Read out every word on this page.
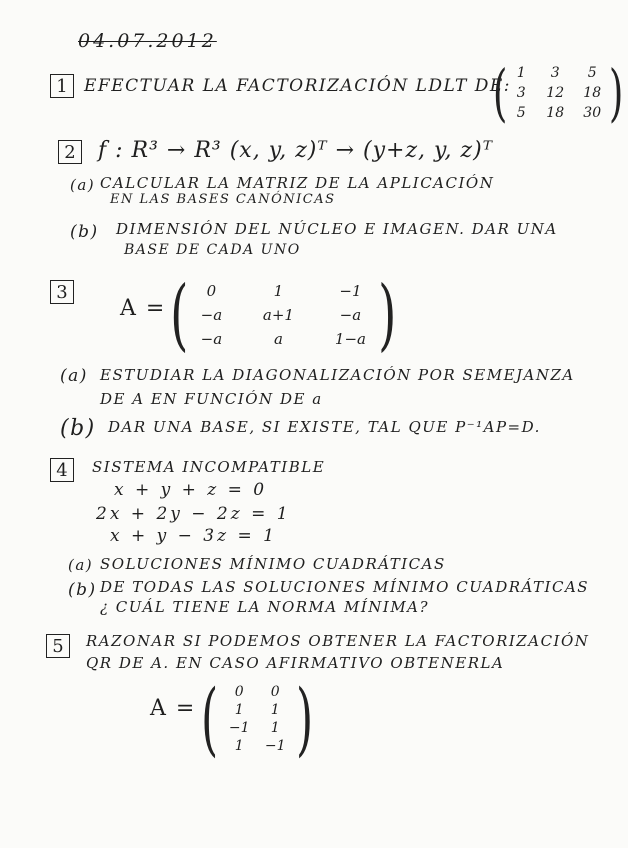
04.07.2012
1 EFECTUAR LA FACTORIZACIÓN LDLT DE:
( 1	3	5
3	12 18
5	18 30 )
2 f : R³ → R³ (x, y, z)ᵀ → (y+z, y, z)ᵀ
(a) CALCULAR LA MATRIZ DE LA APLICACIÓN
EN LAS BASES CANÓNICAS
(b) DIMENSIÓN DEL NÚCLEO E IMAGEN. DAR UNA
BASE DE CADA UNO
3
A = (	0	1	−1
−a	a+1	−a
−a	a	1−a )
(a) ESTUDIAR LA DIAGONALIZACIÓN POR SEMEJANZA
DE A EN FUNCIÓN DE a
(b) DAR UNA BASE, SI EXISTE, TAL QUE P⁻¹AP=D.
4	SISTEMA INCOMPATIBLE
x + y + z = 0
2x + 2y − 2z = 1
x + y − 3z = 1
(a) SOLUCIONES MÍNIMO CUADRÁTICAS
(b) DE TODAS LAS SOLUCIONES MÍNIMO CUADRÁTICAS
¿ CUÁL TIENE LA NORMA MÍNIMA?
5	RAZONAR SI PODEMOS OBTENER LA FACTORIZACIÓN
QR DE A. EN CASO AFIRMATIVO OBTENERLA
A = (	0	0
1	1
−1	1
1	−1 )
